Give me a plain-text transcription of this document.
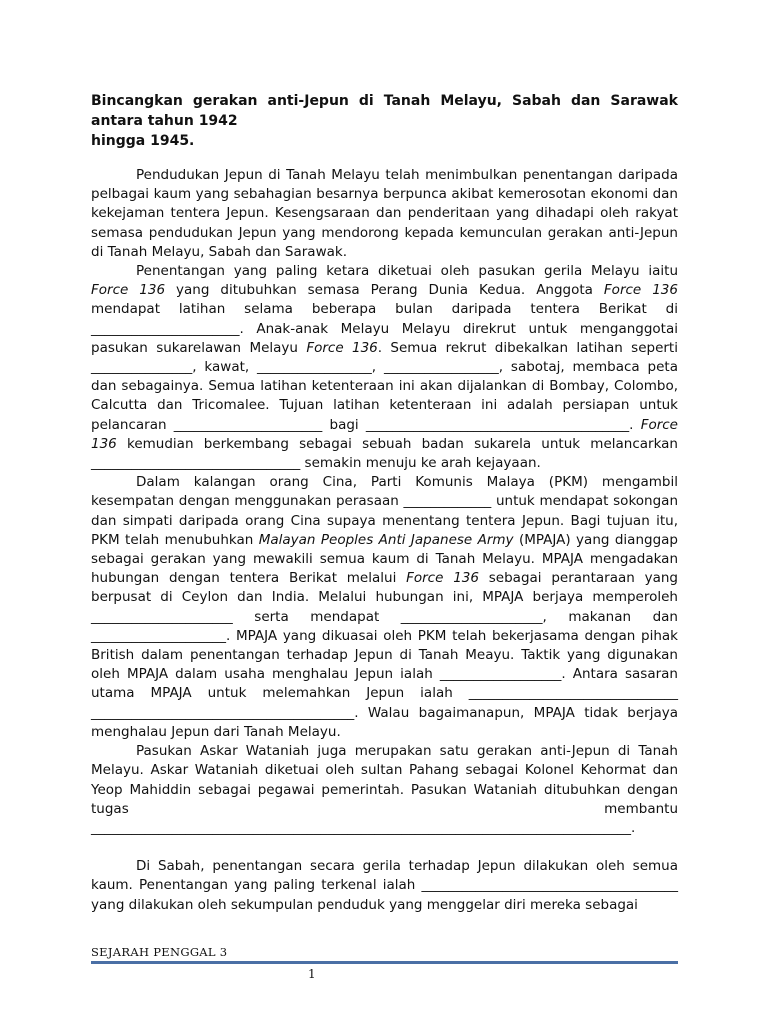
Bincangkan gerakan anti-Jepun di Tanah Melayu, Sabah dan Sarawak antara tahun 1942
hingga 1945.

Pendudukan Jepun di Tanah Melayu telah menimbulkan penentangan daripada pelbagai kaum yang sebahagian besarnya berpunca akibat kemerosotan ekonomi dan kekejaman tentera Jepun. Kesengsaraan dan penderitaan yang dihadapi oleh rakyat semasa pendudukan Jepun yang mendorong kepada kemunculan gerakan anti-Jepun di Tanah Melayu, Sabah dan Sarawak.

Penentangan yang paling ketara diketuai oleh pasukan gerila Melayu iaitu Force 136 yang ditubuhkan semasa Perang Dunia Kedua. Anggota Force 136 mendapat latihan selama beberapa bulan daripada tentera Berikat di ______________________. Anak-anak Melayu Melayu direkrut untuk menganggotai pasukan sukarelawan Melayu Force 136. Semua rekrut dibekalkan latihan seperti _______________, kawat, _________________, _________________, sabotaj, membaca peta dan sebagainya. Semua latihan ketenteraan ini akan dijalankan di Bombay, Colombo, Calcutta dan Tricomalee. Tujuan latihan ketenteraan ini adalah persiapan untuk pelancaran ______________________ bagi _______________________________________. Force 136 kemudian berkembang sebagai sebuah badan sukarela untuk melancarkan _______________________________ semakin menuju ke arah kejayaan.

Dalam kalangan orang Cina, Parti Komunis Malaya (PKM) mengambil kesempatan dengan menggunakan perasaan _____________ untuk mendapat sokongan dan simpati daripada orang Cina supaya menentang tentera Jepun. Bagi tujuan itu, PKM telah menubuhkan Malayan Peoples Anti Japanese Army (MPAJA) yang dianggap sebagai gerakan yang mewakili semua kaum di Tanah Melayu. MPAJA mengadakan hubungan dengan tentera Berikat melalui Force 136 sebagai perantaraan yang berpusat di Ceylon dan India. Melalui hubungan ini, MPAJA berjaya memperoleh _____________________ serta mendapat _____________________, makanan dan ____________________. MPAJA yang dikuasai oleh PKM telah bekerjasama dengan pihak British dalam penentangan terhadap Jepun di Tanah Meayu. Taktik yang digunakan oleh MPAJA dalam usaha menghalau Jepun ialah __________________. Antara sasaran utama MPAJA untuk melemahkan Jepun ialah _______________________________ _______________________________________. Walau bagaimanapun, MPAJA tidak berjaya menghalau Jepun dari Tanah Melayu.

Pasukan Askar Wataniah juga merupakan satu gerakan anti-Jepun di Tanah Melayu. Askar Wataniah diketuai oleh sultan Pahang sebagai Kolonel Kehormat dan Yeop Mahiddin sebagai pegawai pemerintah. Pasukan Wataniah ditubuhkan dengan tugas membantu ________________________________________________________________________________.

Di Sabah, penentangan secara gerila terhadap Jepun dilakukan oleh semua kaum. Penentangan yang paling terkenal ialah ______________________________________ yang dilakukan oleh sekumpulan penduduk yang menggelar diri mereka sebagai

SEJARAH PENGGAL 3
1
